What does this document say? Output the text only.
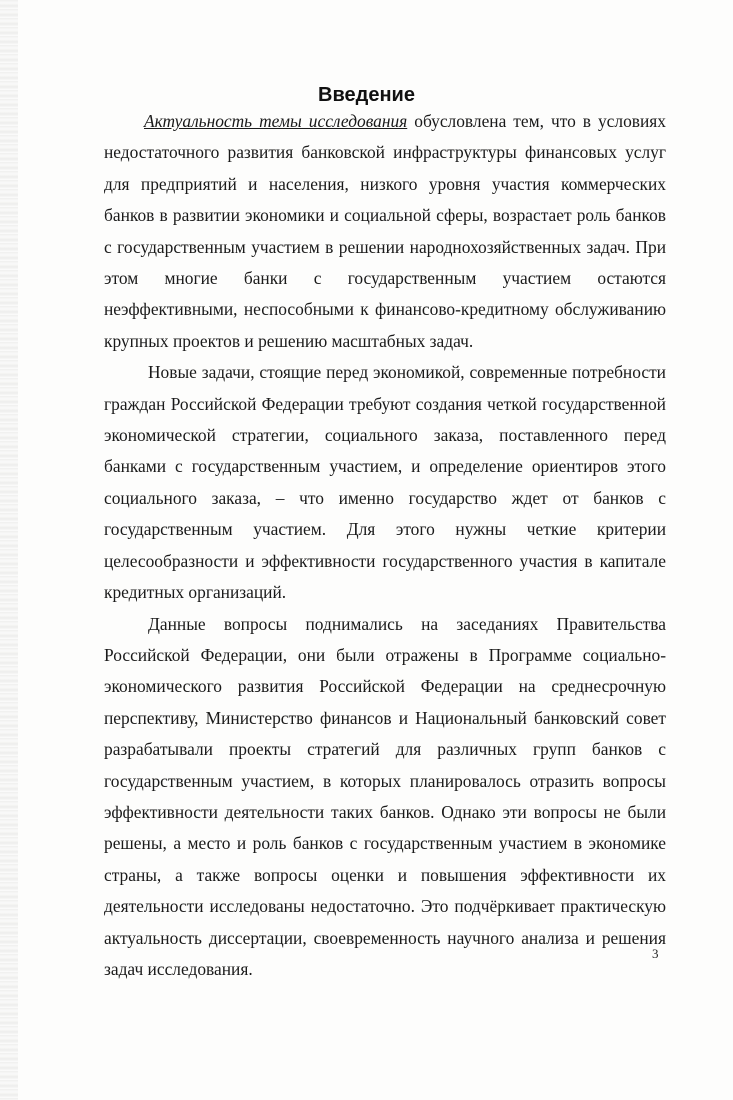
Введение

Актуальность темы исследования обусловлена тем, что в условиях недостаточного развития банковской инфраструктуры финансовых услуг для предприятий и населения, низкого уровня участия коммерческих банков в развитии экономики и социальной сферы, возрастает роль банков с государственным участием в решении народнохозяйственных задач. При этом многие банки с государственным участием остаются неэффективными, неспособными к финансово-кредитному обслуживанию крупных проектов и решению масштабных задач.

Новые задачи, стоящие перед экономикой, современные потребности граждан Российской Федерации требуют создания четкой государственной экономической стратегии, социального заказа, поставленного перед банками с государственным участием, и определение ориентиров этого социального заказа, – что именно государство ждет от банков с государственным участием. Для этого нужны четкие критерии целесообразности и эффективности государственного участия в капитале кредитных организаций.

Данные вопросы поднимались на заседаниях Правительства Российской Федерации, они были отражены в Программе социально-экономического развития Российской Федерации на среднесрочную перспективу, Министерство финансов и Национальный банковский совет разрабатывали проекты стратегий для различных групп банков с государственным участием, в которых планировалось отразить вопросы эффективности деятельности таких банков. Однако эти вопросы не были решены, а место и роль банков с государственным участием в экономике страны, а также вопросы оценки и повышения эффективности их деятельности исследованы недостаточно. Это подчёркивает практическую актуальность диссертации, своевременность научного анализа и решения задач исследования.

3
